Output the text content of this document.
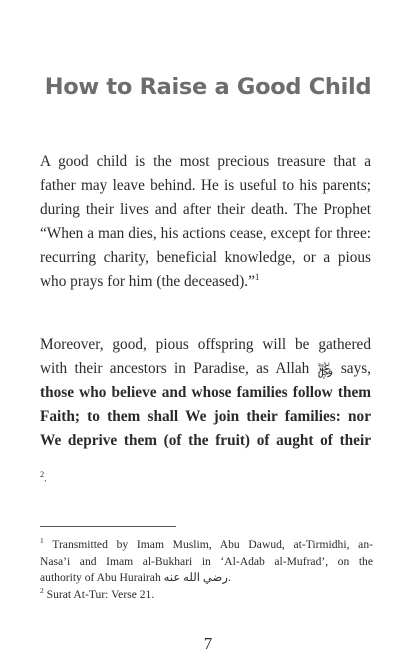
How to Raise a Good Child
A good child is the most precious treasure that a
father may leave behind. He is useful to his parents;
during their lives and after their death. The Prophet
“When a man dies, his actions cease, except for three:
recurring charity, beneficial knowledge, or a pious
who prays for him (the deceased).”$^1$
Moreover, good, pious offspring will be gathered
with their ancestors in Paradise, as Allah ﷿ says,
those who believe and whose families follow them
Faith; to them shall We join their families: nor
We deprive them (of the fruit) of aught of their
$^2$.
$^1$ Transmitted by Imam Muslim, Abu Dawud, at-Tirmidhi, an-
Nasa’i and Imam al-Bukhari in ‘Al-Adab al-Mufrad’, on the
authority of Abu Hurairah رضي الله عنه.
$^2$ Surat At-Tur: Verse 21.
7
